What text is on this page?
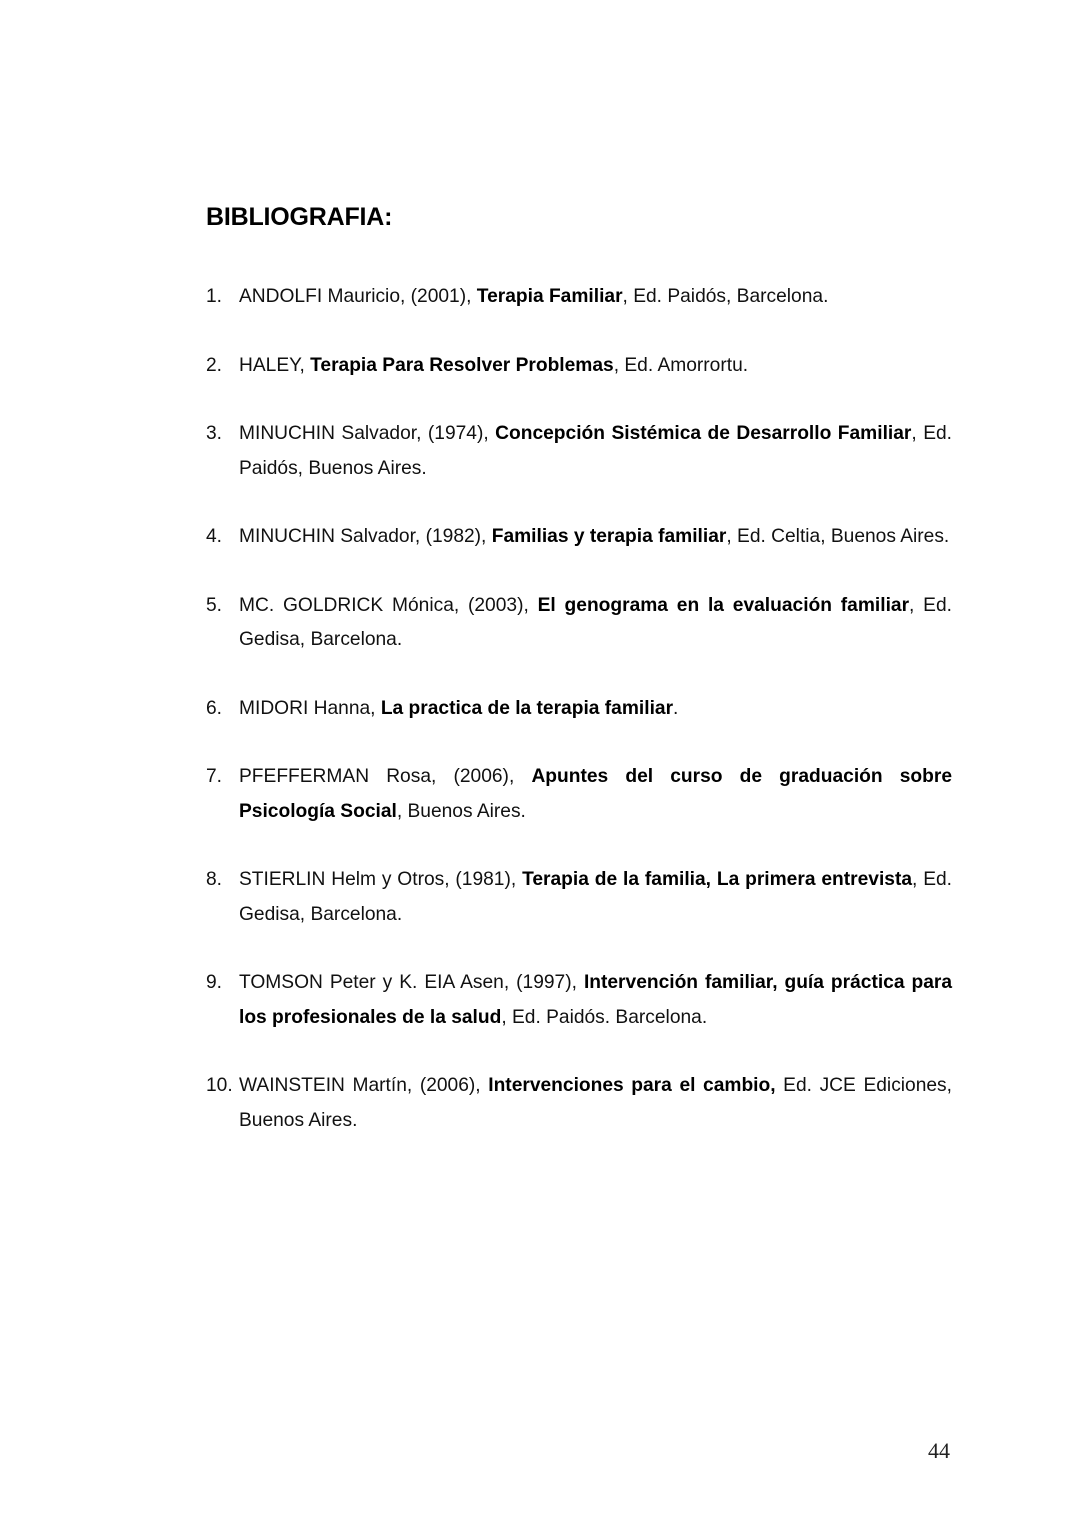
BIBLIOGRAFIA:
1. ANDOLFI Mauricio, (2001), Terapia Familiar, Ed. Paidós, Barcelona.
2. HALEY, Terapia Para Resolver Problemas, Ed. Amorrortu.
3. MINUCHIN Salvador, (1974), Concepción Sistémica de Desarrollo Familiar, Ed. Paidós, Buenos Aires.
4. MINUCHIN Salvador, (1982), Familias y terapia familiar, Ed. Celtia, Buenos Aires.
5. MC. GOLDRICK Mónica, (2003), El genograma en la evaluación familiar, Ed. Gedisa, Barcelona.
6. MIDORI Hanna, La practica de la terapia familiar.
7. PFEFFERMAN Rosa, (2006), Apuntes del curso de graduación sobre Psicología Social, Buenos Aires.
8. STIERLIN Helm y Otros, (1981), Terapia de la familia, La primera entrevista, Ed. Gedisa, Barcelona.
9. TOMSON Peter y K. EIA Asen, (1997), Intervención familiar, guía práctica para los profesionales de la salud, Ed. Paidós. Barcelona.
10. WAINSTEIN Martín, (2006), Intervenciones para el cambio, Ed. JCE Ediciones, Buenos Aires.
44
